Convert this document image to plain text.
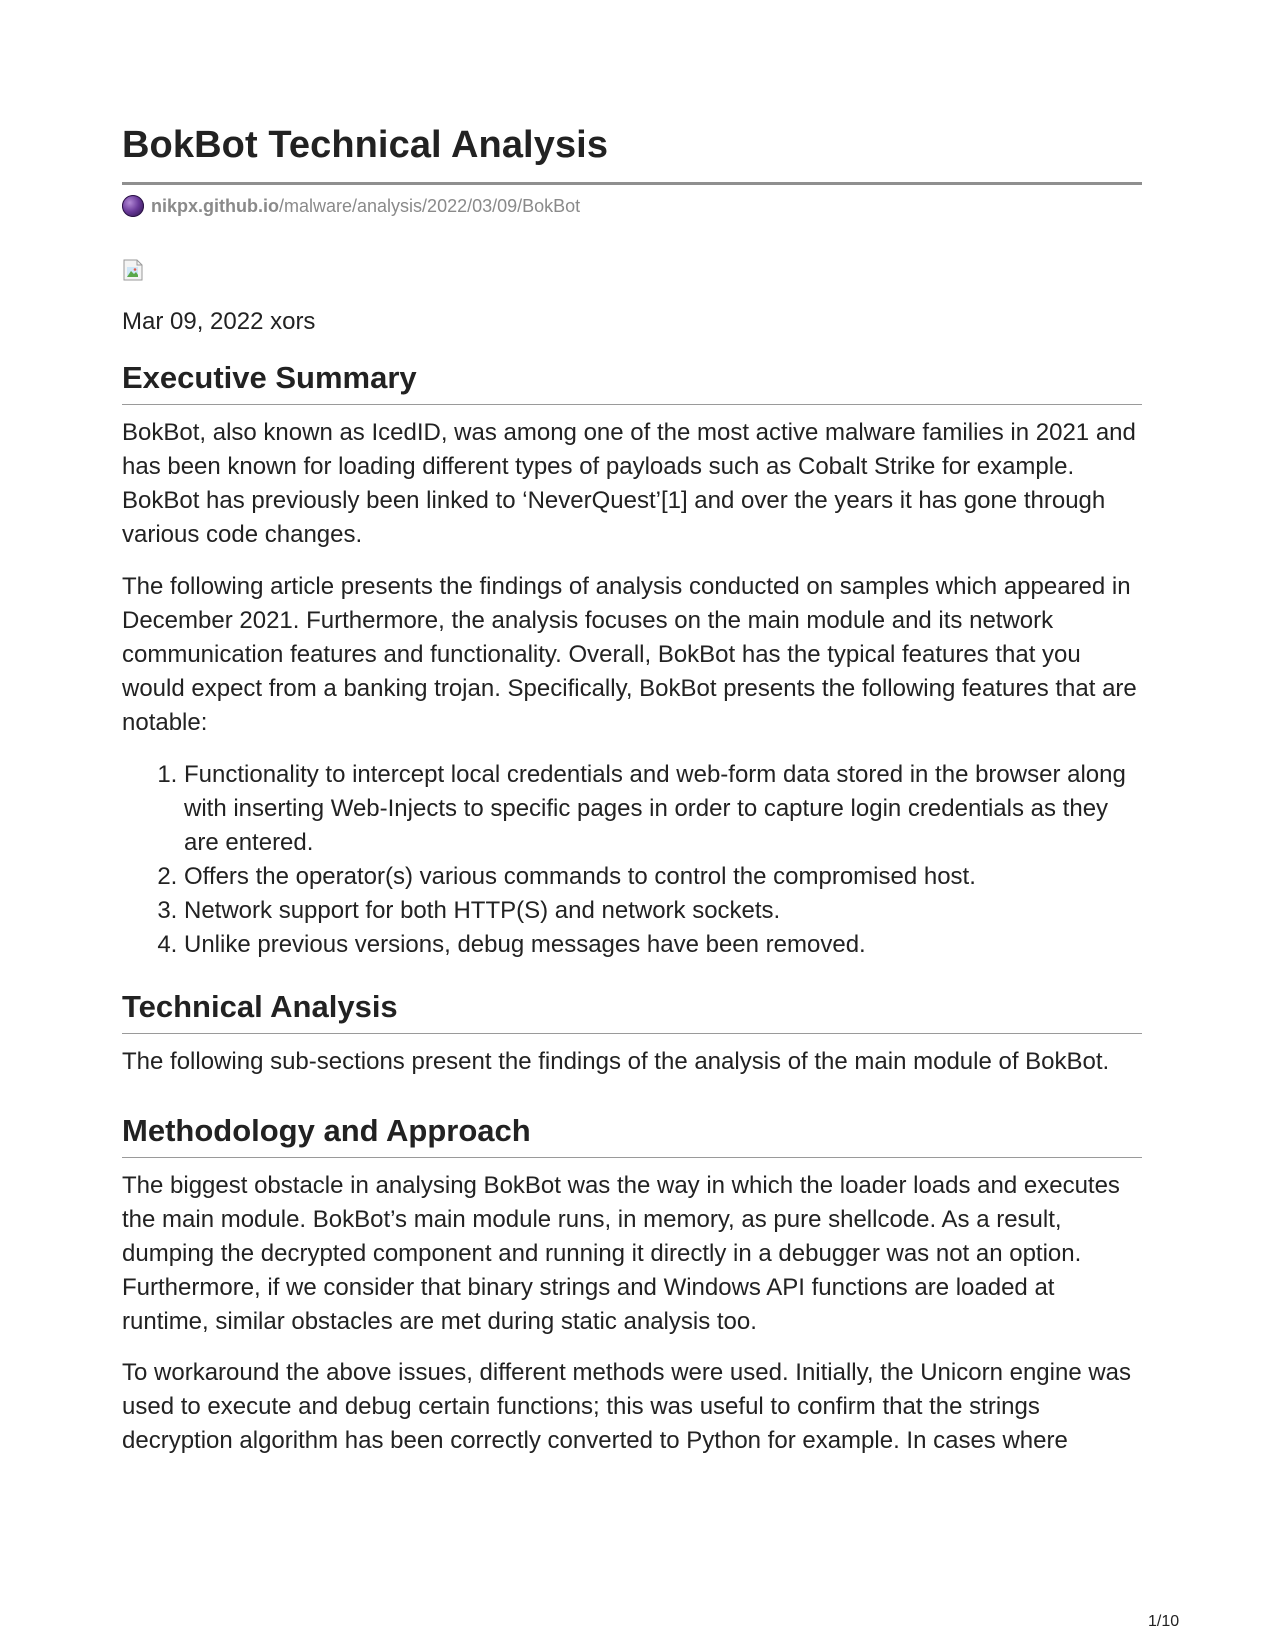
BokBot Technical Analysis
nikpx.github.io /malware/analysis/2022/03/09/BokBot
Mar 09, 2022 xors
Executive Summary

BokBot, also known as IcedID, was among one of the most active malware families in 2021 and has been known for loading different types of payloads such as Cobalt Strike for example. BokBot has previously been linked to ‘NeverQuest’[1] and over the years it has gone through various code changes.

The following article presents the findings of analysis conducted on samples which appeared in December 2021. Furthermore, the analysis focuses on the main module and its network communication features and functionality. Overall, BokBot has the typical features that you would expect from a banking trojan. Specifically, BokBot presents the following features that are notable:

1. Functionality to intercept local credentials and web-form data stored in the browser along with inserting Web-Injects to specific pages in order to capture login credentials as they are entered.
2. Offers the operator(s) various commands to control the compromised host.
3. Network support for both HTTP(S) and network sockets.
4. Unlike previous versions, debug messages have been removed.
Technical Analysis

The following sub-sections present the findings of the analysis of the main module of BokBot.

Methodology and Approach

The biggest obstacle in analysing BokBot was the way in which the loader loads and executes the main module. BokBot’s main module runs, in memory, as pure shellcode. As a result, dumping the decrypted component and running it directly in a debugger was not an option. Furthermore, if we consider that binary strings and Windows API functions are loaded at runtime, similar obstacles are met during static analysis too.

To workaround the above issues, different methods were used. Initially, the Unicorn engine was used to execute and debug certain functions; this was useful to confirm that the strings decryption algorithm has been correctly converted to Python for example. In cases where

1/10
